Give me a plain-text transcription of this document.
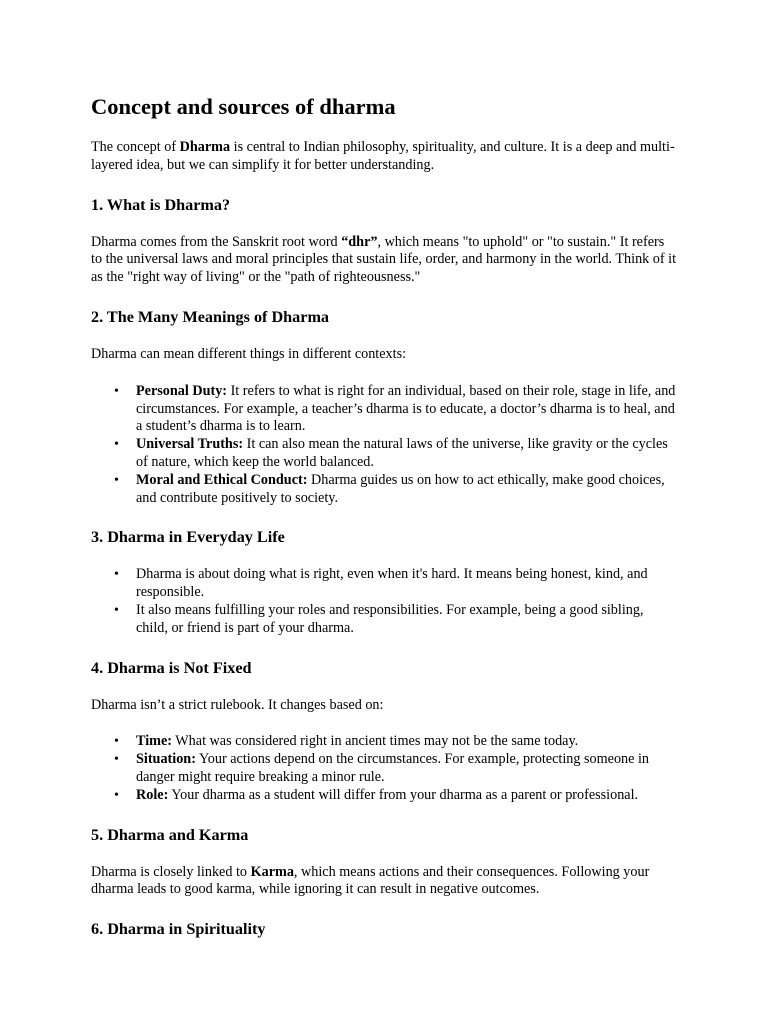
Concept and sources of dharma

The concept of Dharma is central to Indian philosophy, spirituality, and culture. It is a deep and multi-layered idea, but we can simplify it for better understanding.

1. What is Dharma?

Dharma comes from the Sanskrit root word “dhr”, which means "to uphold" or "to sustain." It refers to the universal laws and moral principles that sustain life, order, and harmony in the world. Think of it as the "right way of living" or the "path of righteousness."

2. The Many Meanings of Dharma

Dharma can mean different things in different contexts:

• Personal Duty: It refers to what is right for an individual, based on their role, stage in life, and circumstances. For example, a teacher’s dharma is to educate, a doctor’s dharma is to heal, and a student’s dharma is to learn.
• Universal Truths: It can also mean the natural laws of the universe, like gravity or the cycles of nature, which keep the world balanced.
• Moral and Ethical Conduct: Dharma guides us on how to act ethically, make good choices, and contribute positively to society.
3. Dharma in Everyday Life
• Dharma is about doing what is right, even when it's hard. It means being honest, kind, and responsible.
• It also means fulfilling your roles and responsibilities. For example, being a good sibling, child, or friend is part of your dharma.
4. Dharma is Not Fixed

Dharma isn’t a strict rulebook. It changes based on:

• Time: What was considered right in ancient times may not be the same today.
• Situation: Your actions depend on the circumstances. For example, protecting someone in danger might require breaking a minor rule.
• Role: Your dharma as a student will differ from your dharma as a parent or professional.
5. Dharma and Karma

Dharma is closely linked to Karma, which means actions and their consequences. Following your dharma leads to good karma, while ignoring it can result in negative outcomes.

6. Dharma in Spirituality
